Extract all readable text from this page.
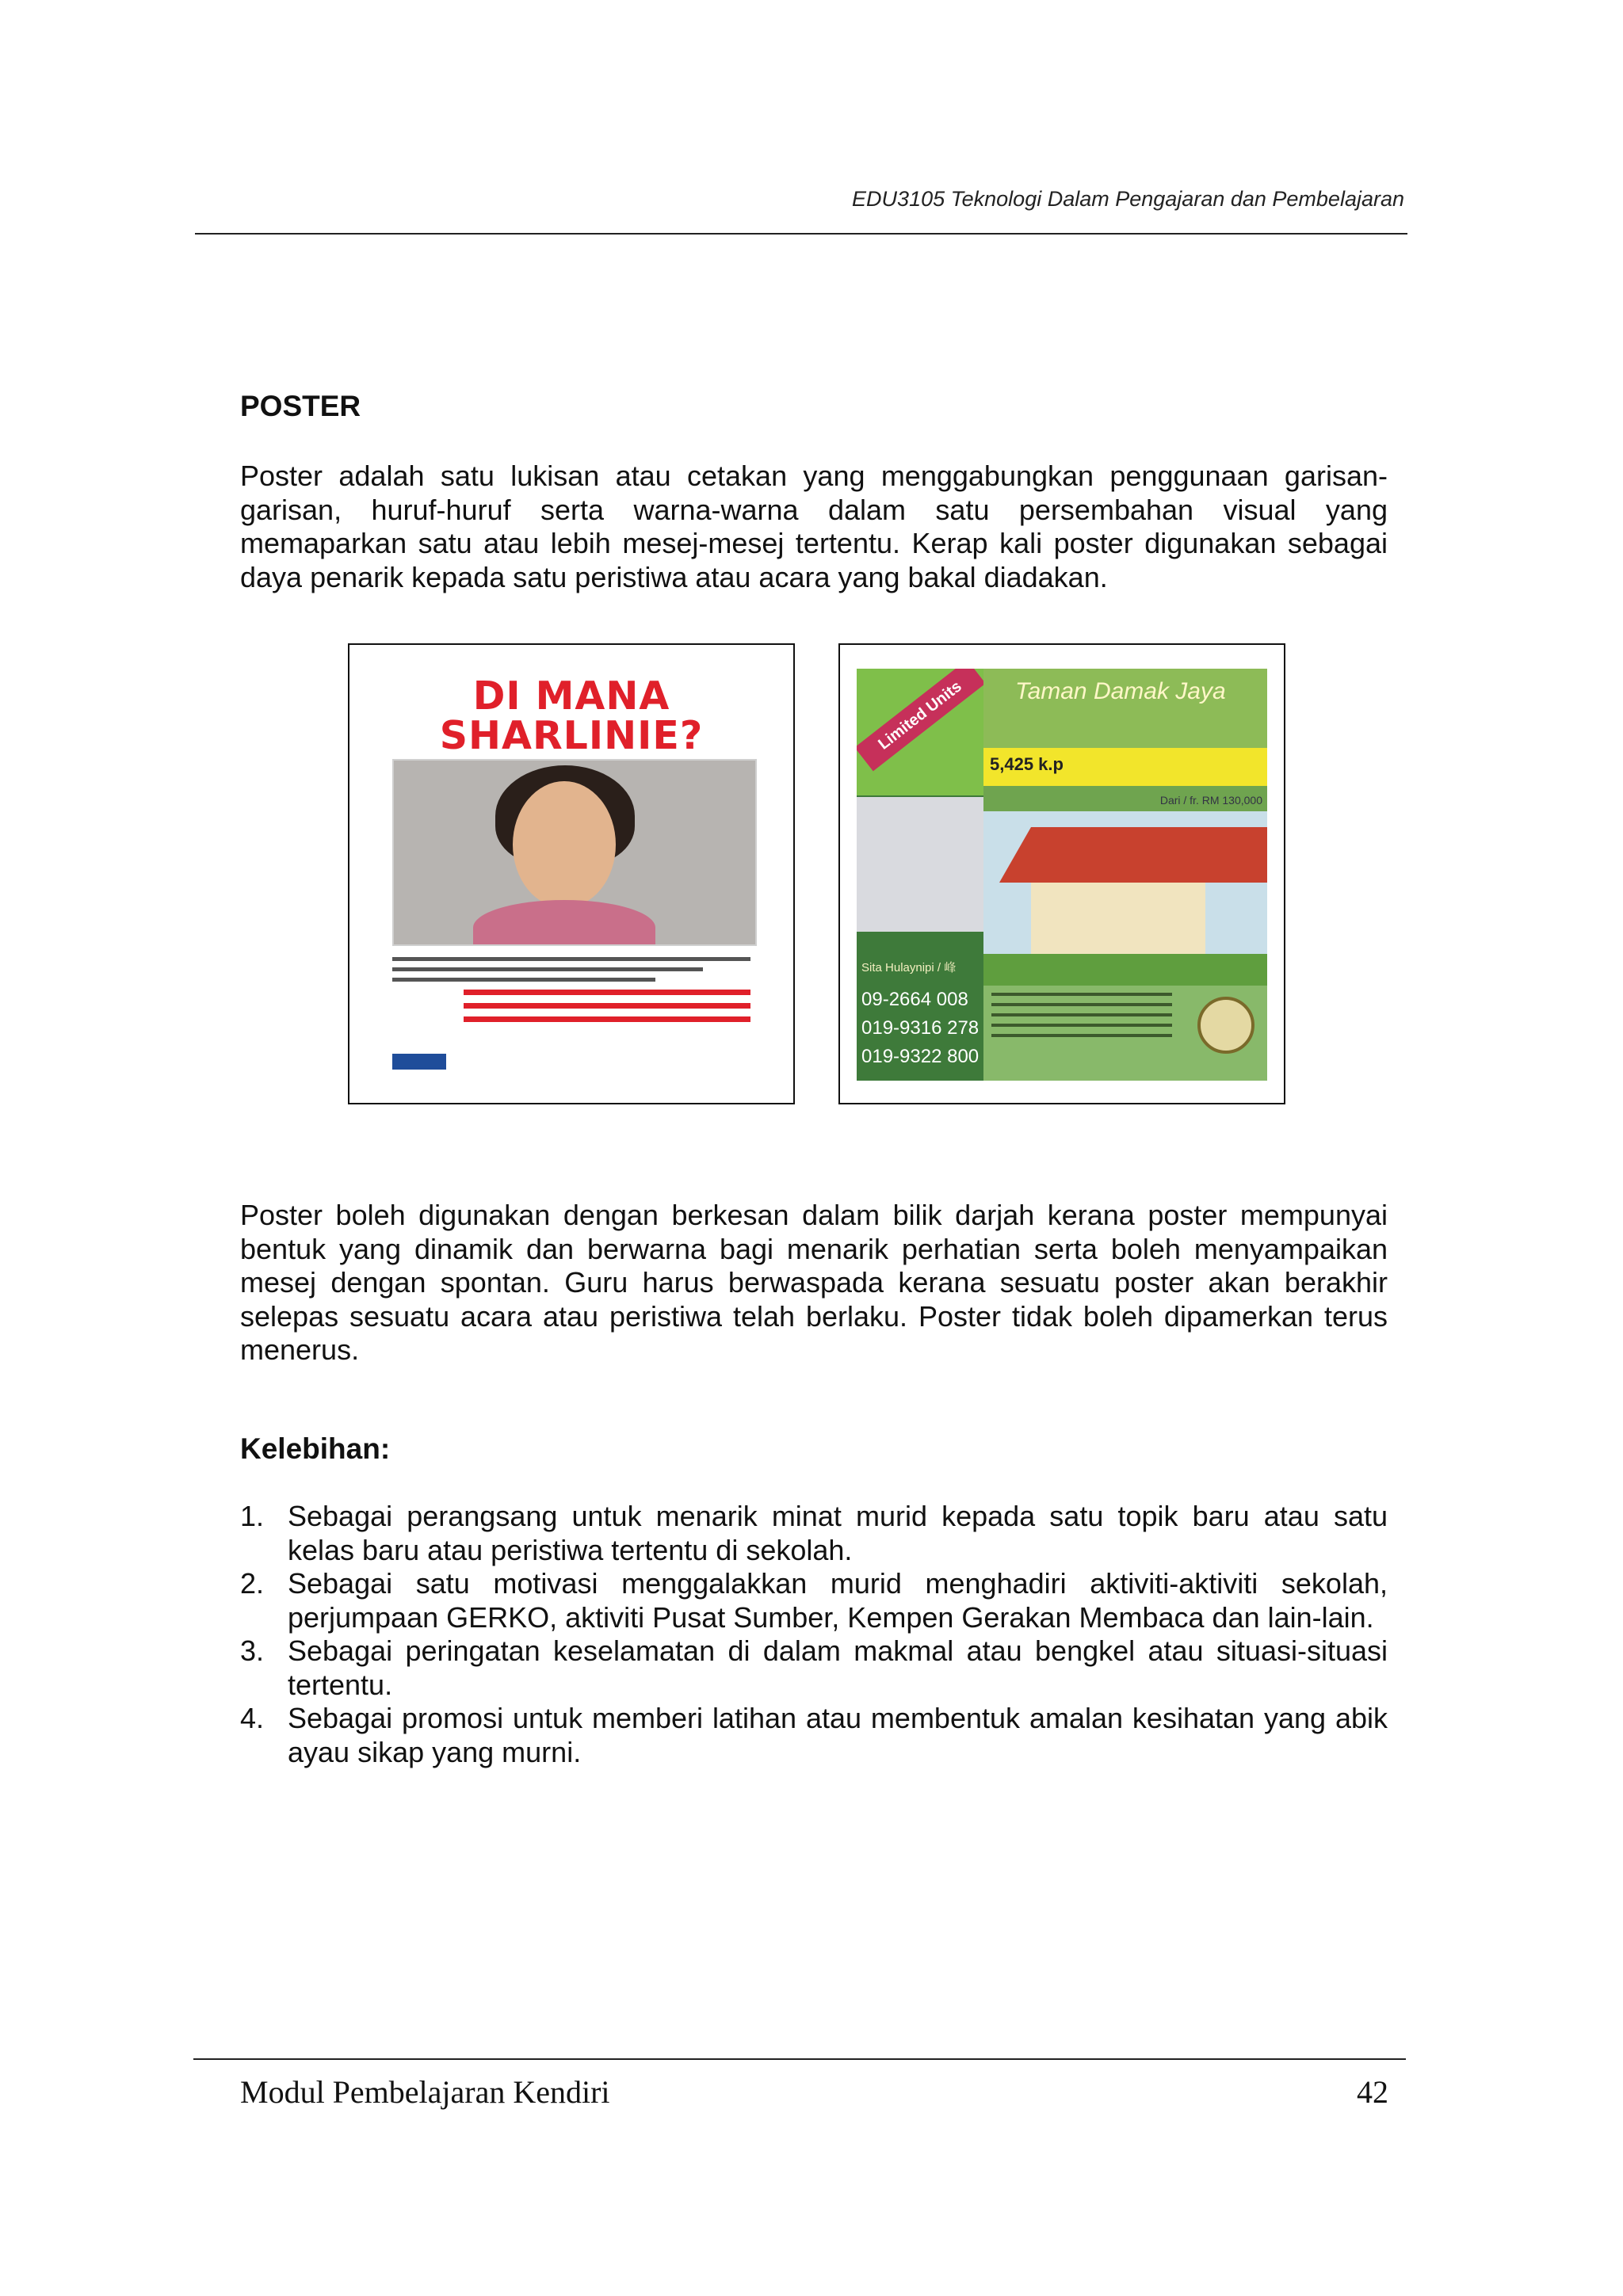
EDU3105 Teknologi Dalam Pengajaran dan Pembelajaran
POSTER
Poster adalah satu lukisan atau cetakan yang menggabungkan penggunaan garisan-garisan, huruf-huruf serta warna-warna dalam satu persembahan visual yang memaparkan satu atau lebih mesej-mesej tertentu. Kerap kali poster digunakan sebagai daya penarik kepada satu peristiwa atau acara yang bakal diadakan.
DI MANA SHARLINIE?
Sita Hulaynipi / 峰
09-2664 008
019-9316 278
019-9322 800
Limited Units	Taman Damak Jaya
5,425 k.p
Dari / fr. RM 130,000
Poster boleh digunakan dengan berkesan dalam bilik darjah kerana poster mempunyai bentuk yang dinamik dan berwarna bagi menarik perhatian serta boleh menyampaikan mesej dengan spontan. Guru harus berwaspada kerana sesuatu poster akan berakhir selepas sesuatu acara atau peristiwa telah berlaku. Poster tidak boleh dipamerkan terus menerus.
Kelebihan:
1. Sebagai perangsang untuk menarik minat murid kepada satu topik baru atau satu kelas baru atau peristiwa tertentu di sekolah.
2. Sebagai satu motivasi menggalakkan murid menghadiri aktiviti-aktiviti sekolah, perjumpaan GERKO, aktiviti Pusat Sumber, Kempen Gerakan Membaca dan lain-lain.
3. Sebagai peringatan keselamatan di dalam makmal atau bengkel atau situasi-situasi tertentu.
4. Sebagai promosi untuk memberi latihan atau membentuk amalan kesihatan yang abik ayau sikap yang murni.
Modul Pembelajaran Kendiri	42
